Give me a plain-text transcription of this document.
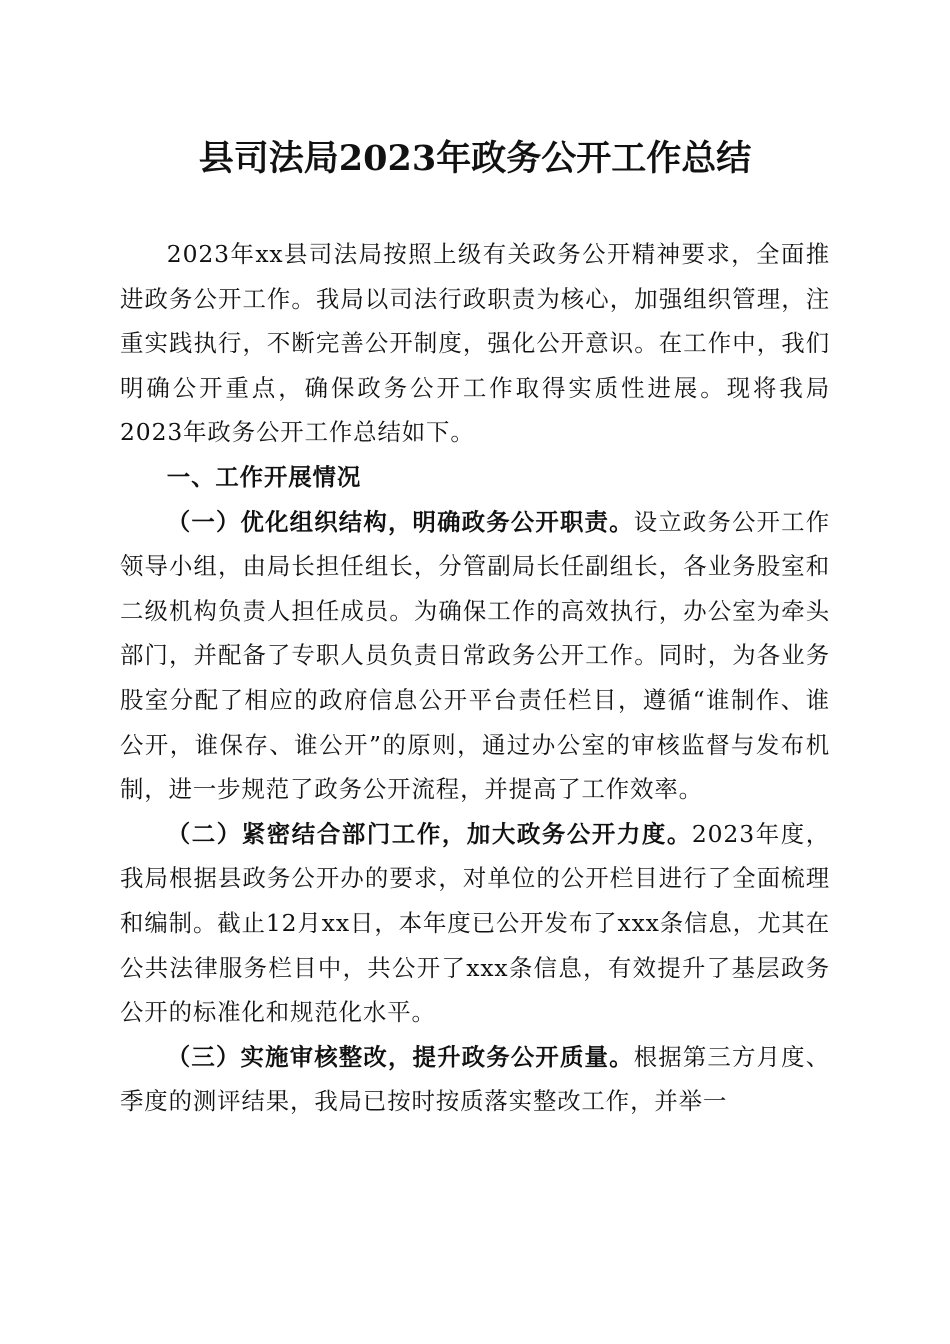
县司法局2023年政务公开工作总结

2023年xx县司法局按照上级有关政务公开精神要求，全面推进政务公开工作。我局以司法行政职责为核心，加强组织管理，注重实践执行，不断完善公开制度，强化公开意识。在工作中，我们明确公开重点，确保政务公开工作取得实质性进展。现将我局2023年政务公开工作总结如下。

一、工作开展情况

（一）优化组织结构，明确政务公开职责。设立政务公开工作领导小组，由局长担任组长，分管副局长任副组长，各业务股室和二级机构负责人担任成员。为确保工作的高效执行，办公室为牵头部门，并配备了专职人员负责日常政务公开工作。同时，为各业务股室分配了相应的政府信息公开平台责任栏目，遵循“谁制作、谁公开，谁保存、谁公开”的原则，通过办公室的审核监督与发布机制，进一步规范了政务公开流程，并提高了工作效率。

（二）紧密结合部门工作，加大政务公开力度。2023年度，我局根据县政务公开办的要求，对单位的公开栏目进行了全面梳理和编制。截止12月xx日，本年度已公开发布了xxx条信息，尤其在公共法律服务栏目中，共公开了xxx条信息，有效提升了基层政务公开的标准化和规范化水平。

（三）实施审核整改，提升政务公开质量。根据第三方月度、季度的测评结果，我局已按时按质落实整改工作，并举一
